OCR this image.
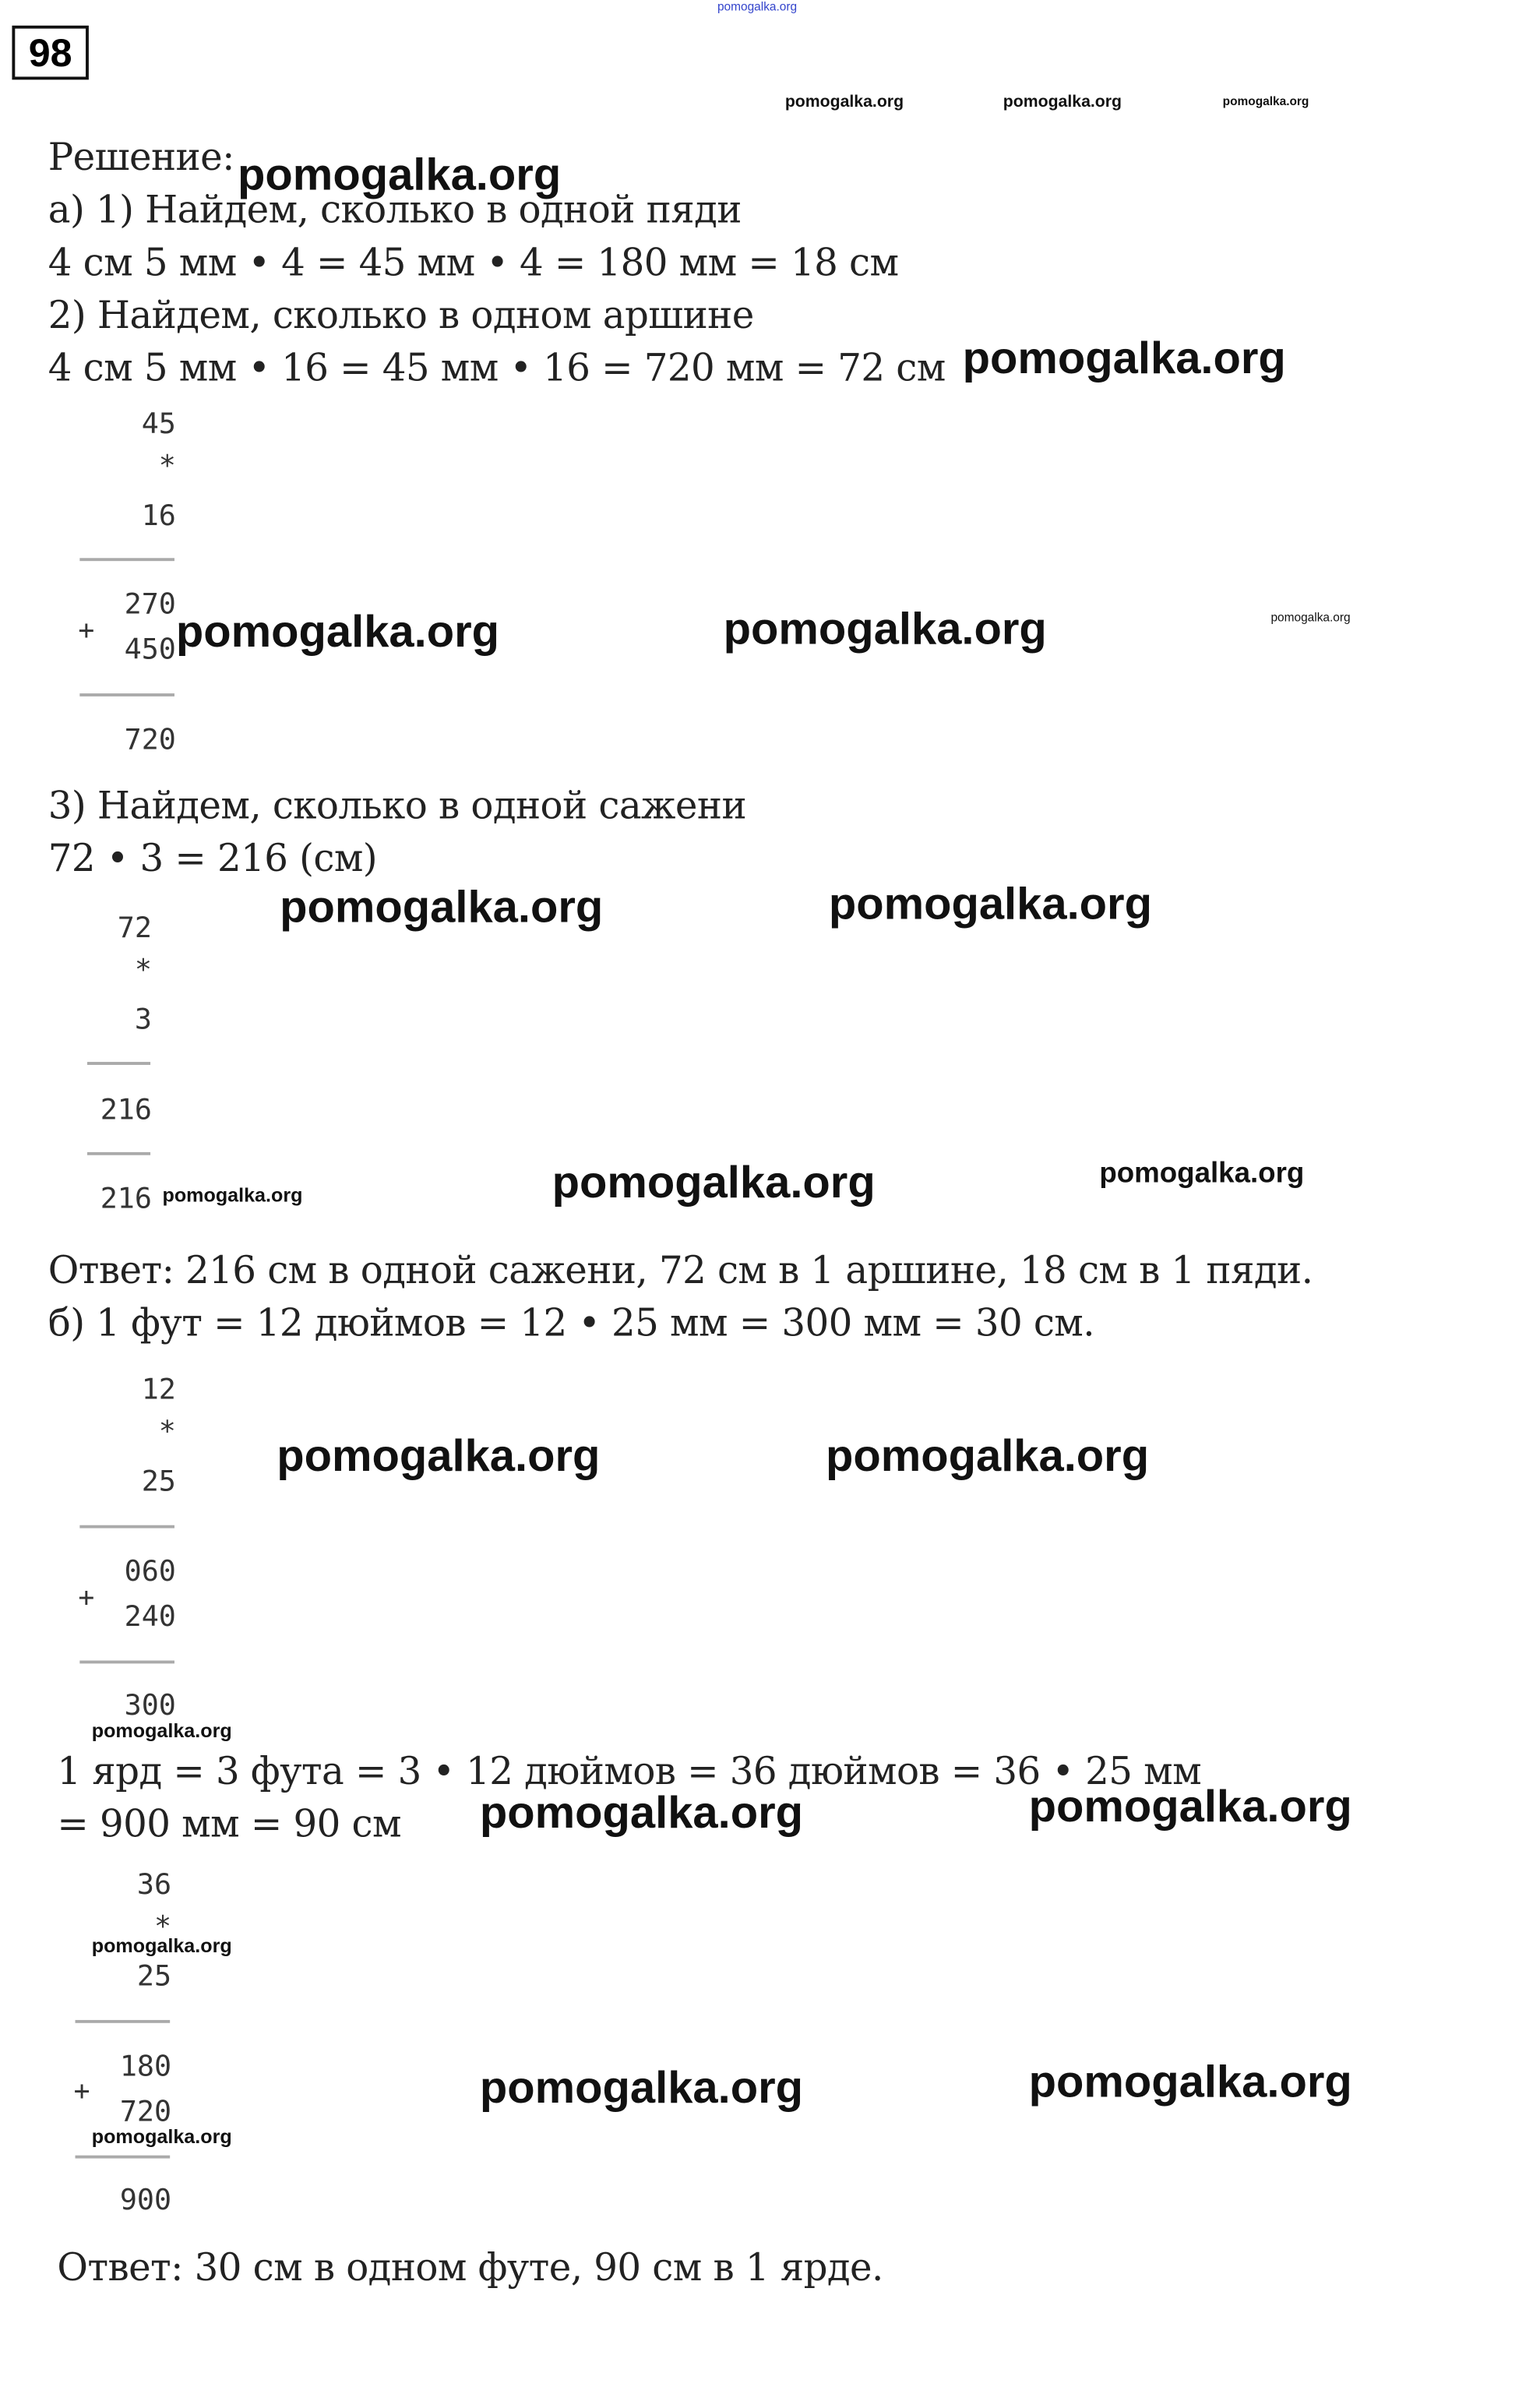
pomogalka.org
98
pomogalka.org	pomogalka.org	pomogalka.org
Решение: pomogalka.org
а) 1) Найдем, сколько в одной пяди
4 см 5 мм • 4 = 45 мм • 4 = 180 мм = 18 см
2) Найдем, сколько в одном аршине
4 см 5 мм • 16 = 45 мм • 16 = 720 мм = 72 см pomogalka.org
45
*
16
270
+
450
720
pomogalka.org	pomogalka.org	pomogalka.org
3) Найдем, сколько в одной сажени
72 • 3 = 216 (см)
pomogalka.org	pomogalka.org
72
*
3
216
216 pomogalka.org	pomogalka.org	pomogalka.org
Ответ: 216 см в одной сажени, 72 см в 1 аршине, 18 см в 1 пяди.
б) 1 фут = 12 дюймов = 12 • 25 мм = 300 мм = 30 см.
12
*
25
060
+
240
300
pomogalka.org
pomogalka.org	pomogalka.org
1 ярд = 3 фута = 3 • 12 дюймов = 36 дюймов = 36 • 25 мм
= 900 мм = 90 см	pomogalka.org	pomogalka.org
36
*
pomogalka.org
25
180
+
720
pomogalka.org
900
pomogalka.org	pomogalka.org
Ответ: 30 см в одном футе, 90 см в 1 ярде.
